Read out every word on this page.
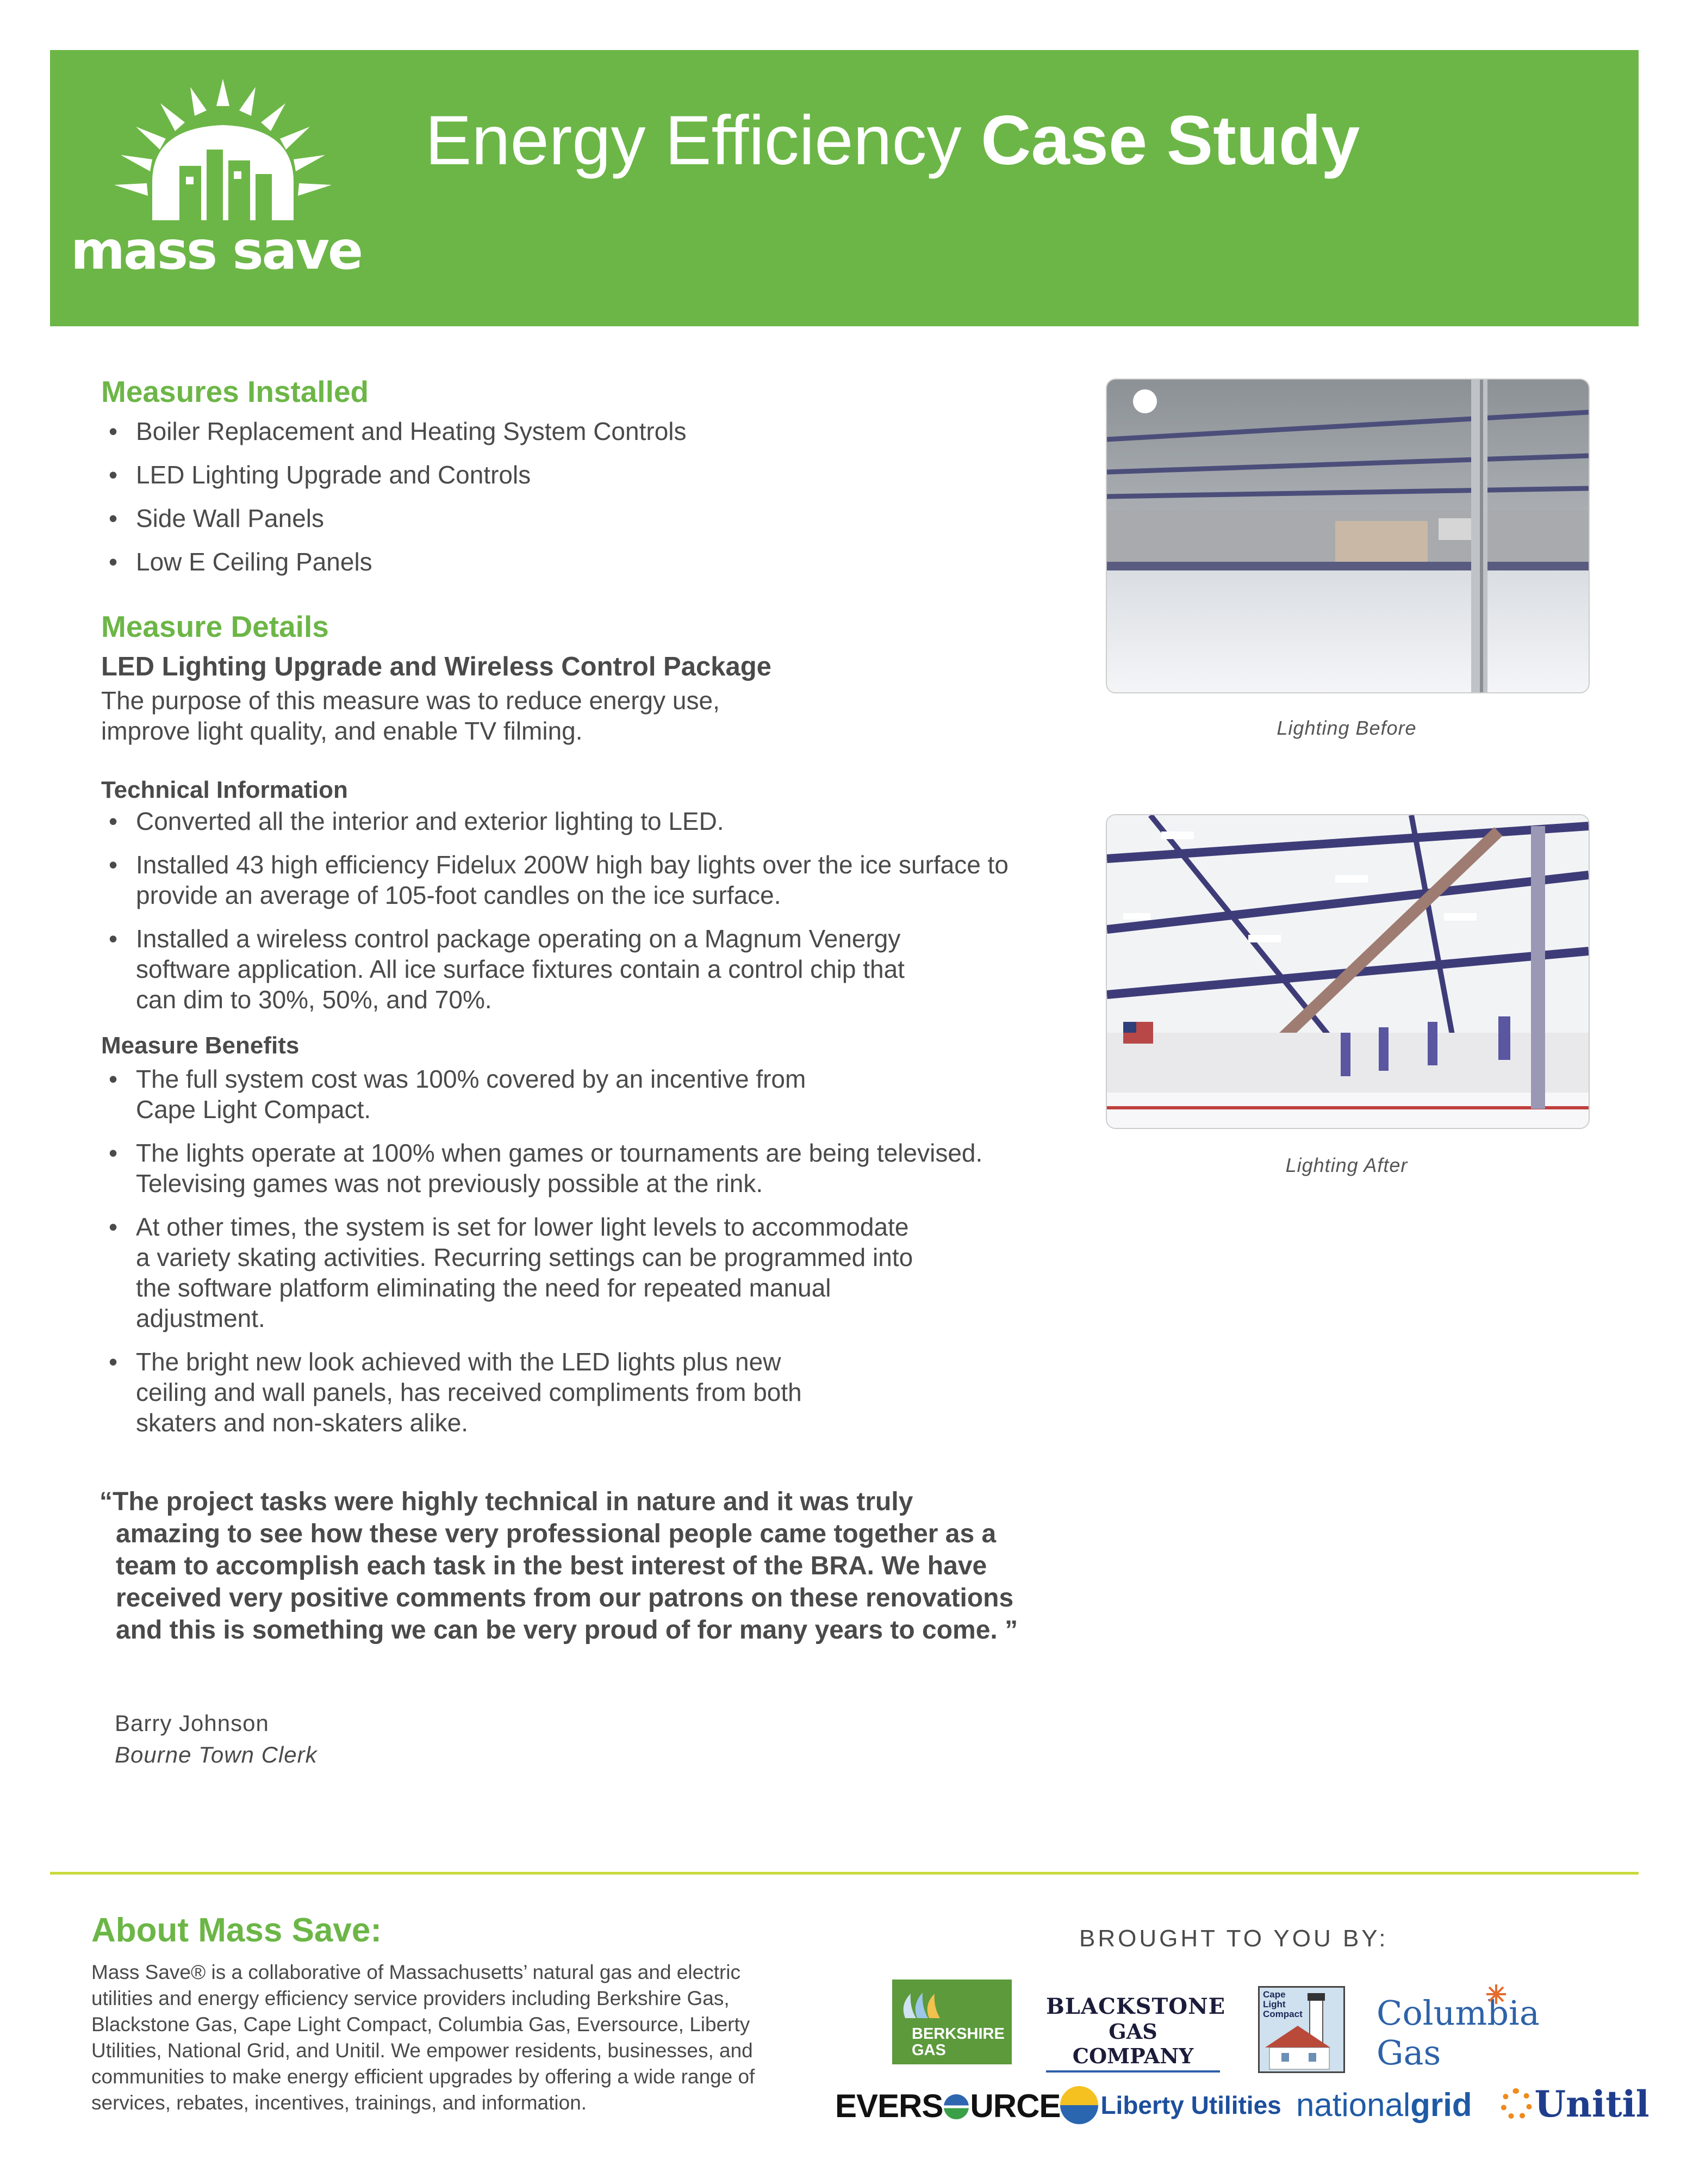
mass save
Energy Efficiency Case Study
Measures Installed
• Boiler Replacement and Heating System Controls
• LED Lighting Upgrade and Controls
• Side Wall Panels
• Low E Ceiling Panels
Measure Details
LED Lighting Upgrade and Wireless Control Package
The purpose of this measure was to reduce energy use,
improve light quality, and enable TV filming.
Technical Information
• Converted all the interior and exterior lighting to LED.
• Installed 43 high efficiency Fidelux 200W high bay lights over the ice surface to provide an average of 105-foot candles on the ice surface.
• Installed a wireless control package operating on a Magnum Venergy software application. All ice surface fixtures contain a control chip that can dim to 30%, 50%, and 70%.
Measure Benefits
• The full system cost was 100% covered by an incentive from Cape Light Compact.
• The lights operate at 100% when games or tournaments are being televised. Televising games was not previously possible at the rink.
• At other times, the system is set for lower light levels to accommodate a variety skating activities. Recurring settings can be programmed into the software platform eliminating the need for repeated manual adjustment.
• The bright new look achieved with the LED lights plus new ceiling and wall panels, has received compliments from both skaters and non-skaters alike.
“The project tasks were highly technical in nature and it was truly amazing to see how these very professional people came together as a team to accomplish each task in the best interest of the BRA. We have received very positive comments from our patrons on these renovations and this is something we can be very proud of for many years to come. ”
Barry Johnson
Bourne Town Clerk
Lighting Before
Lighting After
About Mass Save:
Mass Save® is a collaborative of Massachusetts’ natural gas and electric utilities and energy efficiency service providers including Berkshire Gas, Blackstone Gas, Cape Light Compact, Columbia Gas, Eversource, Liberty Utilities, National Grid, and Unitil. We empower residents, businesses, and communities to make energy efficient upgrades by offering a wide range of services, rebates, incentives, trainings, and information.
BROUGHT TO YOU BY:
BERKSHIRE
GAS
BLACKSTONE
GAS COMPANY
Cape Light Compact Columbia Gas
EVERS URCE	Liberty Utilities nationalgrid	Unitil
